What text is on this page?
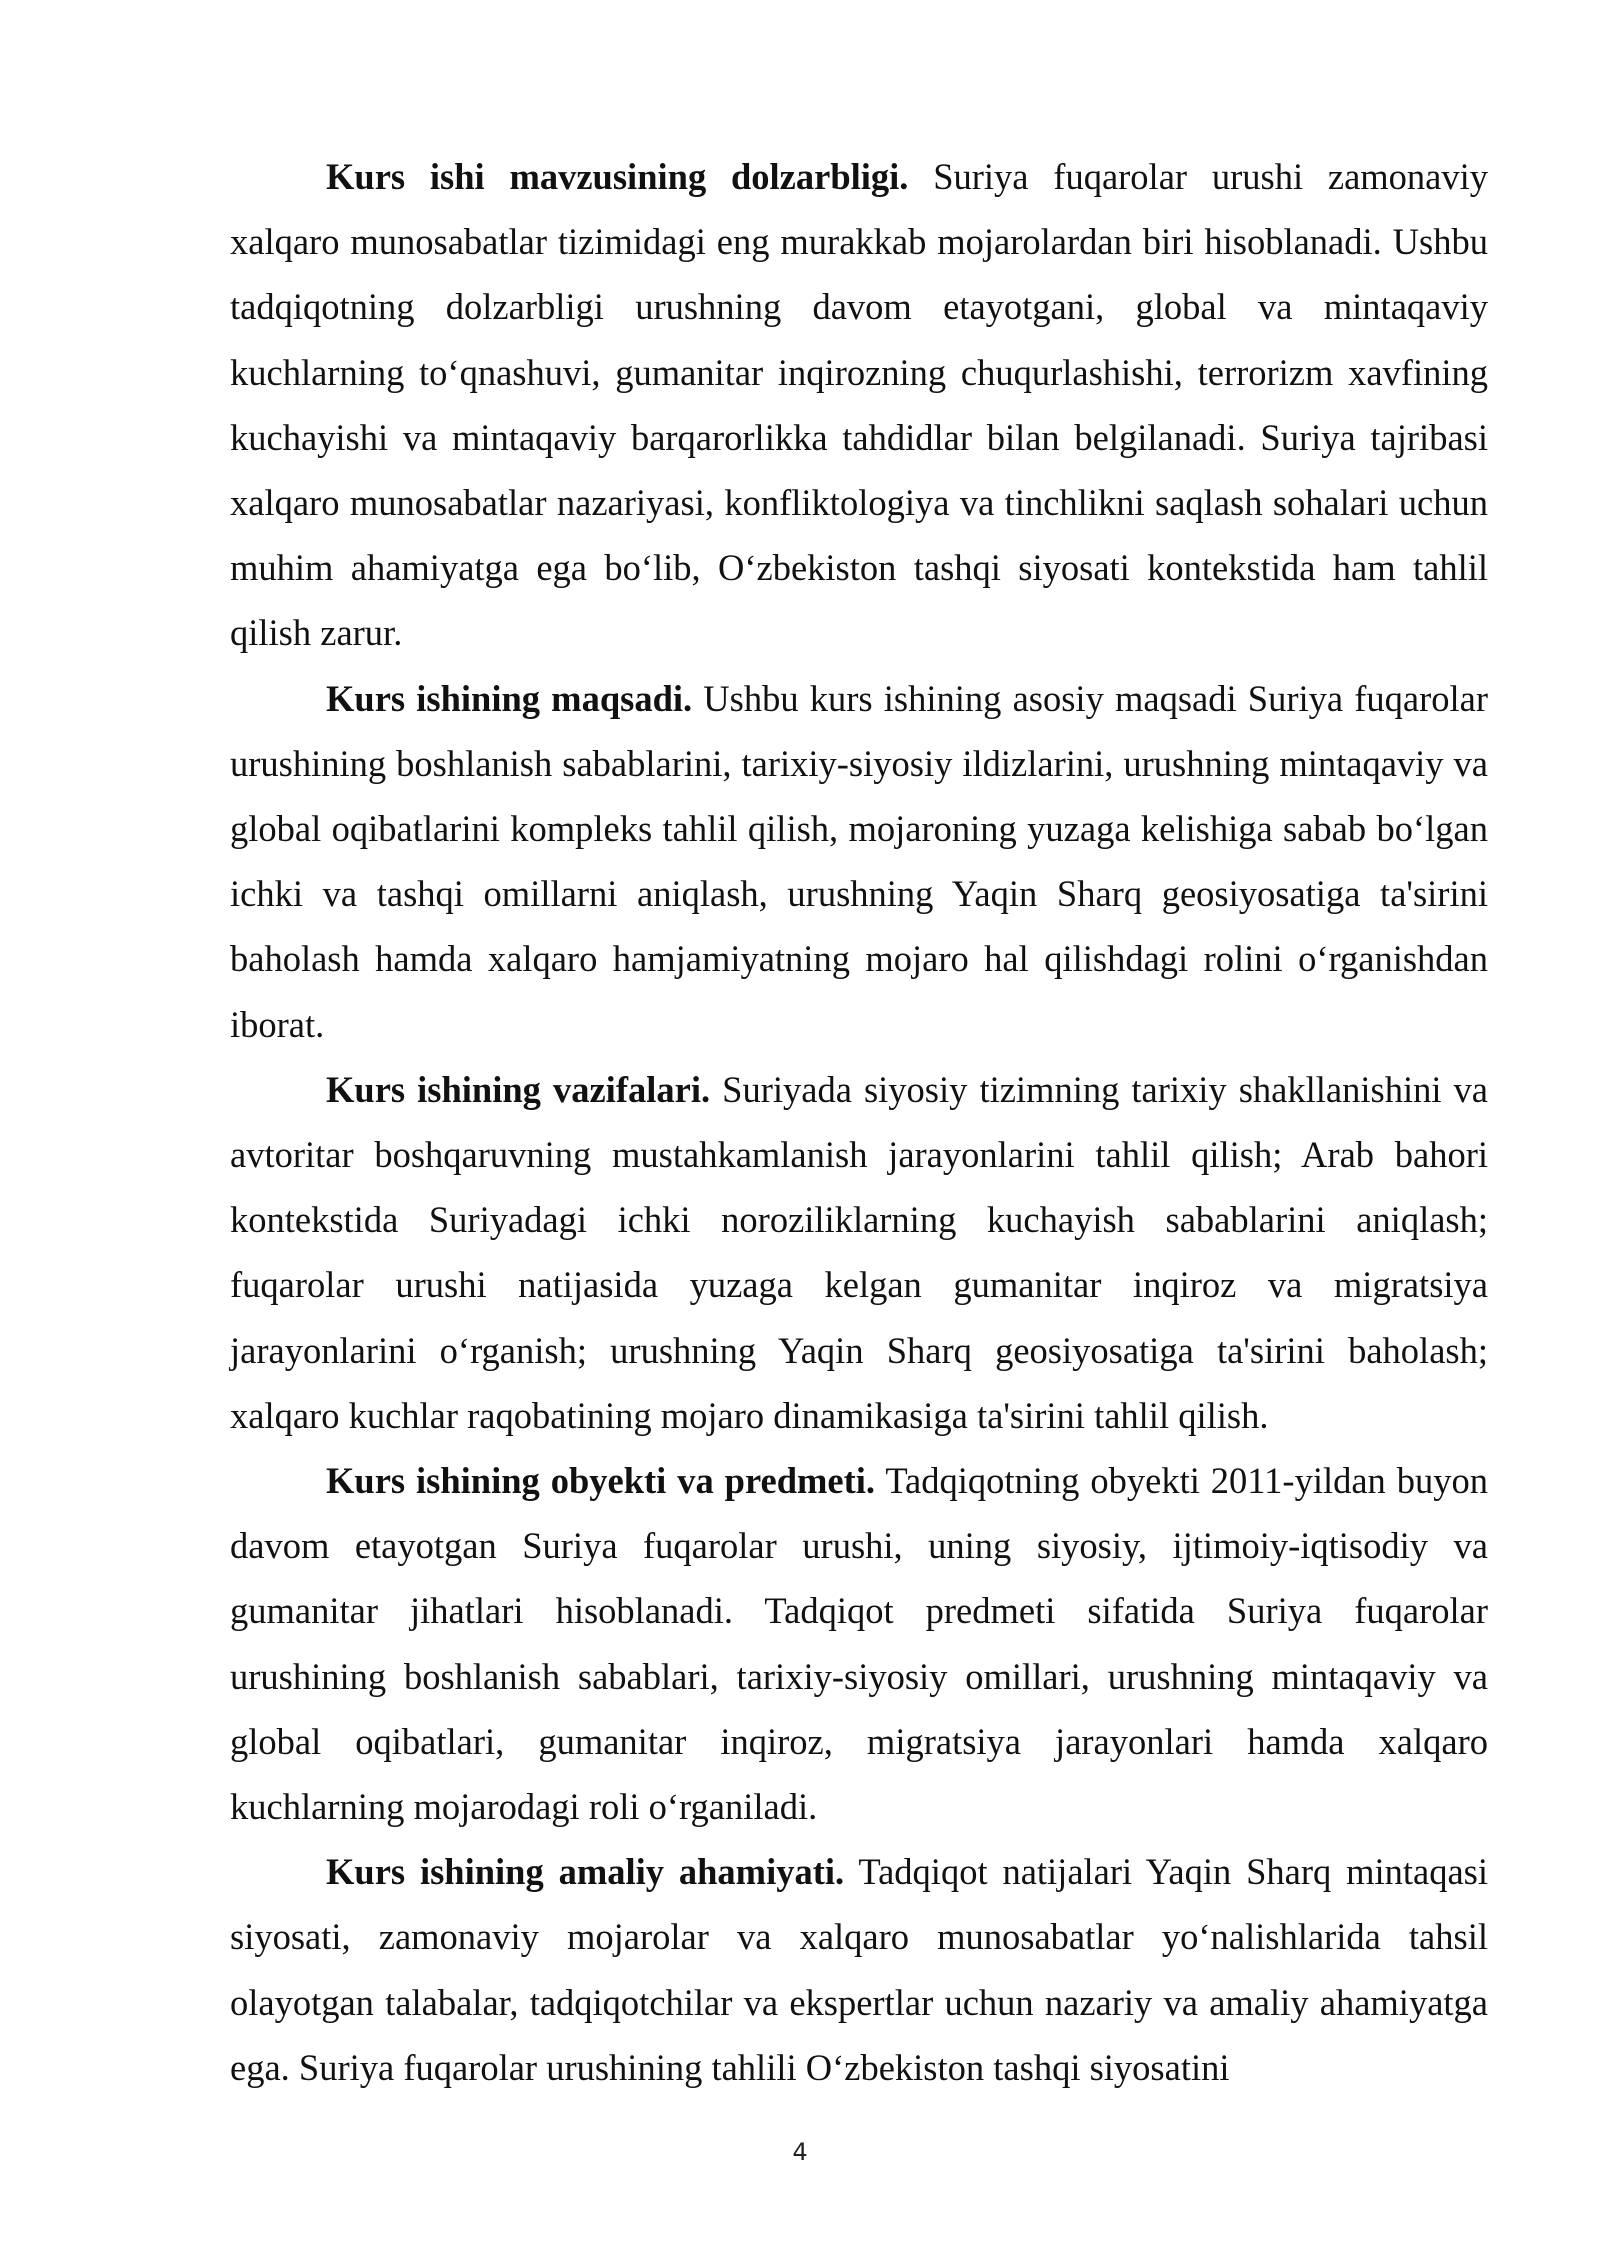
Kurs ishi mavzusining dolzarbligi. Suriya fuqarolar urushi zamonaviy xalqaro munosabatlar tizimidagi eng murakkab mojarolardan biri hisoblanadi. Ushbu tadqiqotning dolzarbligi urushning davom etayotgani, global va mintaqaviy kuchlarning to‘qnashuvi, gumanitar inqirozning chuqurlashishi, terrorizm xavfining kuchayishi va mintaqaviy barqarorlikka tahdidlar bilan belgilanadi. Suriya tajribasi xalqaro munosabatlar nazariyasi, konfliktologiya va tinchlikni saqlash sohalari uchun muhim ahamiyatga ega bo‘lib, O‘zbekiston tashqi siyosati kontekstida ham tahlil qilish zarur.

Kurs ishining maqsadi. Ushbu kurs ishining asosiy maqsadi Suriya fuqarolar urushining boshlanish sabablarini, tarixiy-siyosiy ildizlarini, urushning mintaqaviy va global oqibatlarini kompleks tahlil qilish, mojaroning yuzaga kelishiga sabab bo‘lgan ichki va tashqi omillarni aniqlash, urushning Yaqin Sharq geosiyosatiga ta'sirini baholash hamda xalqaro hamjamiyatning mojaro hal qilishdagi rolini o‘rganishdan iborat.

Kurs ishining vazifalari. Suriyada siyosiy tizimning tarixiy shakllanishini va avtoritar boshqaruvning mustahkamlanish jarayonlarini tahlil qilish; Arab bahori kontekstida Suriyadagi ichki noroziliklarning kuchayish sabablarini aniqlash; fuqarolar urushi natijasida yuzaga kelgan gumanitar inqiroz va migratsiya jarayonlarini o‘rganish; urushning Yaqin Sharq geosiyosatiga ta'sirini baholash; xalqaro kuchlar raqobatining mojaro dinamikasiga ta'sirini tahlil qilish.

Kurs ishining obyekti va predmeti. Tadqiqotning obyekti 2011-yildan buyon davom etayotgan Suriya fuqarolar urushi, uning siyosiy, ijtimoiy-iqtisodiy va gumanitar jihatlari hisoblanadi. Tadqiqot predmeti sifatida Suriya fuqarolar urushining boshlanish sabablari, tarixiy-siyosiy omillari, urushning mintaqaviy va global oqibatlari, gumanitar inqiroz, migratsiya jarayonlari hamda xalqaro kuchlarning mojarodagi roli o‘rganiladi.

Kurs ishining amaliy ahamiyati. Tadqiqot natijalari Yaqin Sharq mintaqasi siyosati, zamonaviy mojarolar va xalqaro munosabatlar yo‘nalishlarida tahsil olayotgan talabalar, tadqiqotchilar va ekspertlar uchun nazariy va amaliy ahamiyatga ega. Suriya fuqarolar urushining tahlili O‘zbekiston tashqi siyosatini

4
